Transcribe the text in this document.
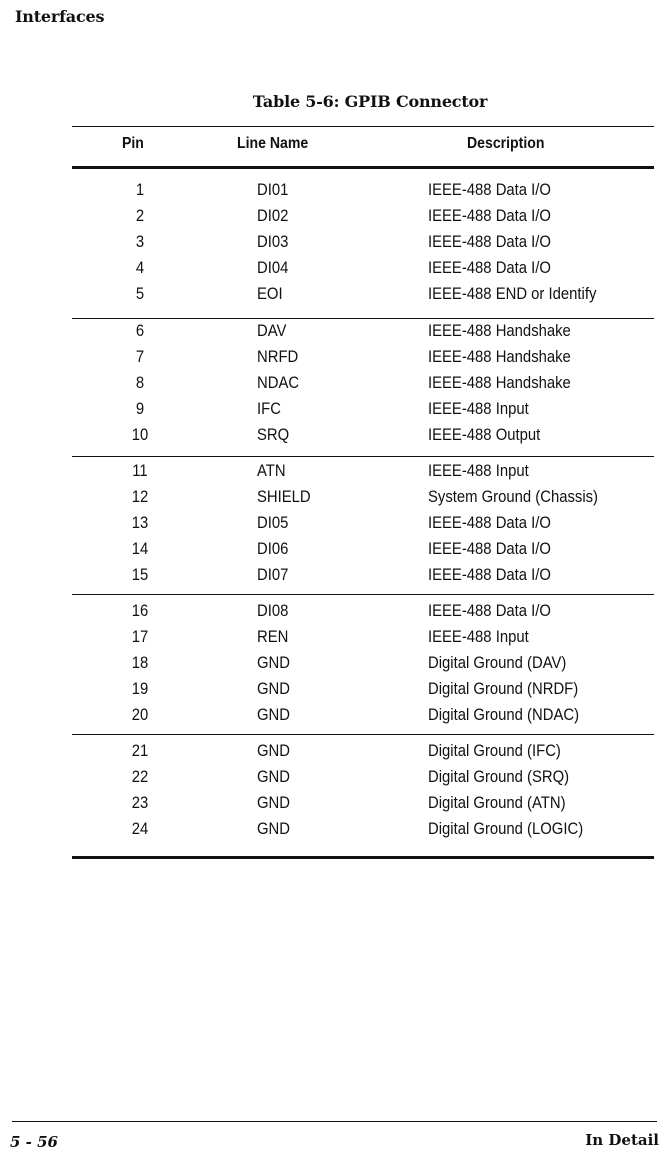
Interfaces
Table 5-6: GPIB Connector
Pin	Line Name	Description
1	DI01	IEEE-488 Data I/O
2	DI02	IEEE-488 Data I/O
3	DI03	IEEE-488 Data I/O
4	DI04	IEEE-488 Data I/O
5	EOI	IEEE-488 END or Identify
6	DAV	IEEE-488 Handshake
7	NRFD	IEEE-488 Handshake
8	NDAC	IEEE-488 Handshake
9	IFC	IEEE-488 Input
10	SRQ	IEEE-488 Output
11	ATN	IEEE-488 Input
12	SHIELD	System Ground (Chassis)
13	DI05	IEEE-488 Data I/O
14	DI06	IEEE-488 Data I/O
15	DI07	IEEE-488 Data I/O
16	DI08	IEEE-488 Data I/O
17	REN	IEEE-488 Input
18	GND	Digital Ground (DAV)
19	GND	Digital Ground (NRDF)
20	GND	Digital Ground (NDAC)
21	GND	Digital Ground (IFC)
22	GND	Digital Ground (SRQ)
23	GND	Digital Ground (ATN)
24	GND	Digital Ground (LOGIC)
5 - 56	In Detail
